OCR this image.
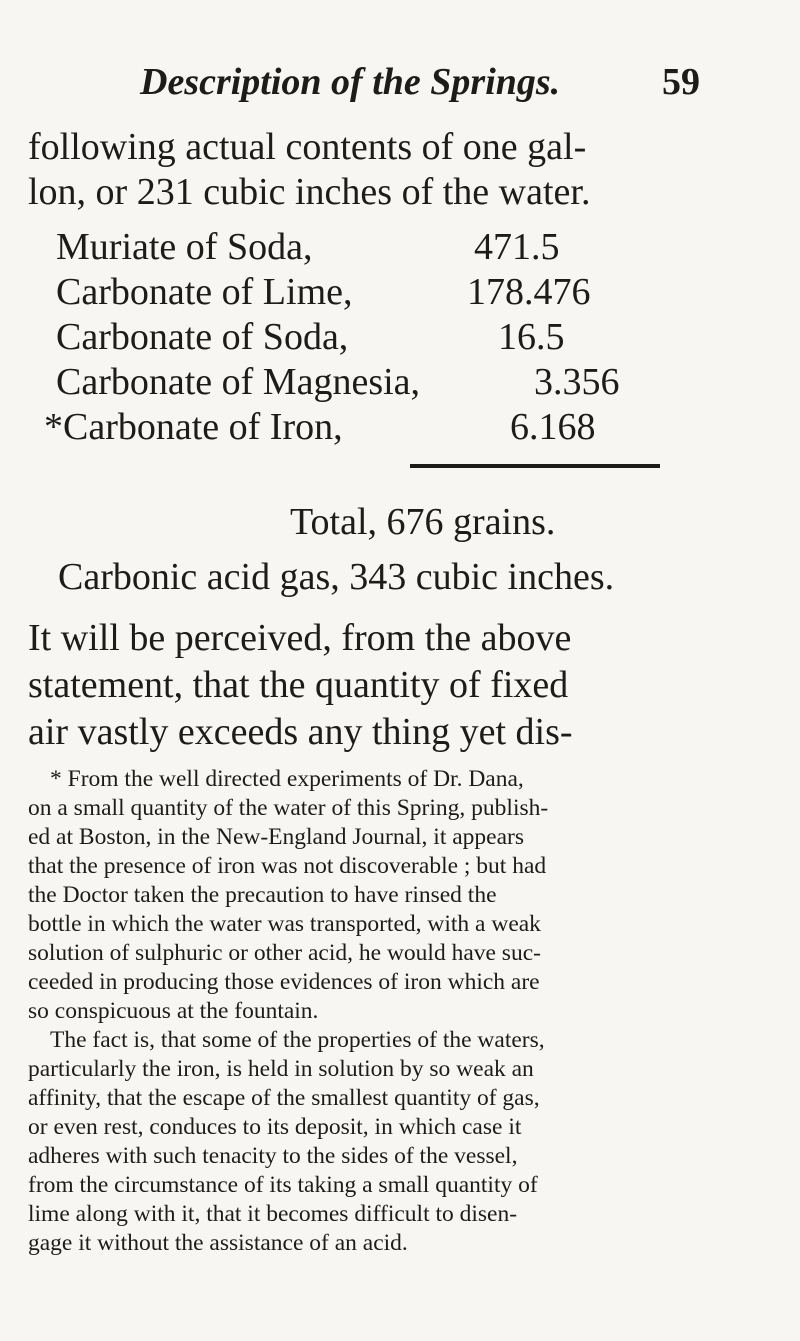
Description of the Springs.	59
following actual contents of one gal-
lon, or 231 cubic inches of the water.
Muriate of Soda,	471.5
Carbonate of Lime,	178.476
Carbonate of Soda,	16.5
Carbonate of Magnesia,	3.356
*Carbonate of Iron,	6.168
Total, 676 grains.
Carbonic acid gas, 343 cubic inches.
It will be perceived, from the above
statement, that the quantity of fixed
air vastly exceeds any thing yet dis-
* From the well directed experiments of Dr. Dana,
on a small quantity of the water of this Spring, publish-
ed at Boston, in the New-England Journal, it appears
that the presence of iron was not discoverable ; but had
the Doctor taken the precaution to have rinsed the
bottle in which the water was transported, with a weak
solution of sulphuric or other acid, he would have suc-
ceeded in producing those evidences of iron which are
so conspicuous at the fountain.
The fact is, that some of the properties of the waters,
particularly the iron, is held in solution by so weak an
affinity, that the escape of the smallest quantity of gas,
or even rest, conduces to its deposit, in which case it
adheres with such tenacity to the sides of the vessel,
from the circumstance of its taking a small quantity of
lime along with it, that it becomes difficult to disen-
gage it without the assistance of an acid.
